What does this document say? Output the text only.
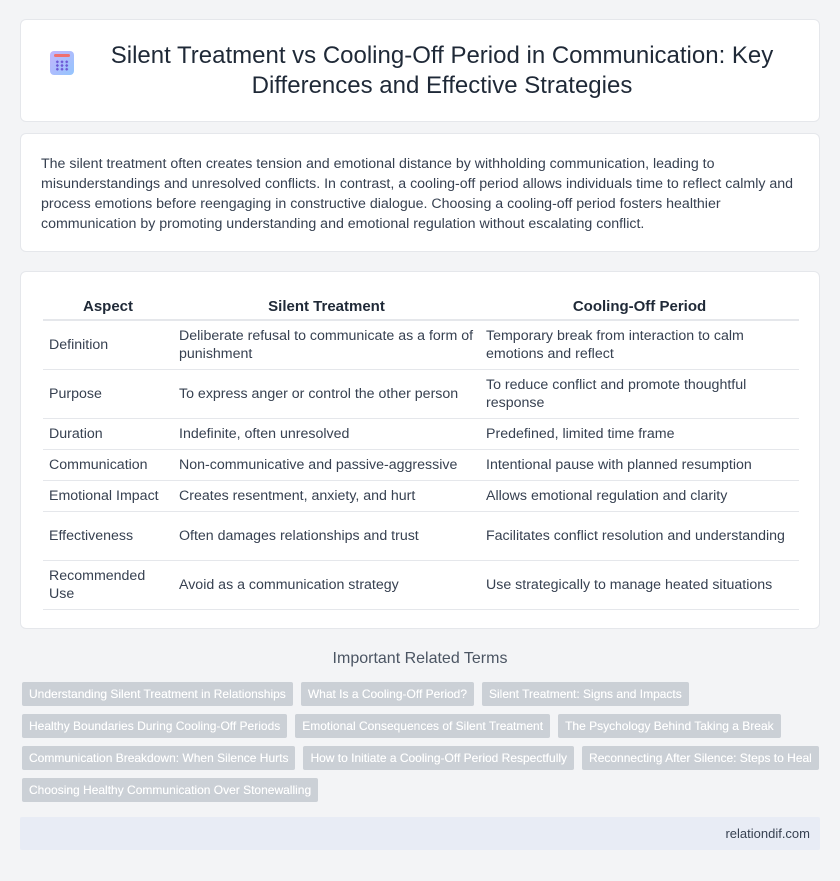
Silent Treatment vs Cooling-Off Period in Communication: Key Differences and Effective Strategies

The silent treatment often creates tension and emotional distance by withholding communication, leading to misunderstandings and unresolved conflicts. In contrast, a cooling-off period allows individuals time to reflect calmly and process emotions before reengaging in constructive dialogue. Choosing a cooling-off period fosters healthier communication by promoting understanding and emotional regulation without escalating conflict.

Aspect	Silent Treatment	Cooling-Off Period
Definition	Deliberate refusal to communicate as a form of punishment	Temporary break from interaction to calm emotions and reflect
Purpose	To express anger or control the other person	To reduce conflict and promote thoughtful response
Duration	Indefinite, often unresolved	Predefined, limited time frame
Communication	Non-communicative and passive-aggressive	Intentional pause with planned resumption
Emotional Impact	Creates resentment, anxiety, and hurt	Allows emotional regulation and clarity
Effectiveness	Often damages relationships and trust	Facilitates conflict resolution and understanding
Recommended Use	Avoid as a communication strategy	Use strategically to manage heated situations
Important Related Terms
Understanding Silent Treatment in Relationships	What Is a Cooling-Off Period?	Silent Treatment: Signs and Impacts
Healthy Boundaries During Cooling-Off Periods	Emotional Consequences of Silent Treatment	The Psychology Behind Taking a Break
Communication Breakdown: When Silence Hurts	How to Initiate a Cooling-Off Period Respectfully	Reconnecting After Silence: Steps to Heal
Choosing Healthy Communication Over Stonewalling
relationdif.com
